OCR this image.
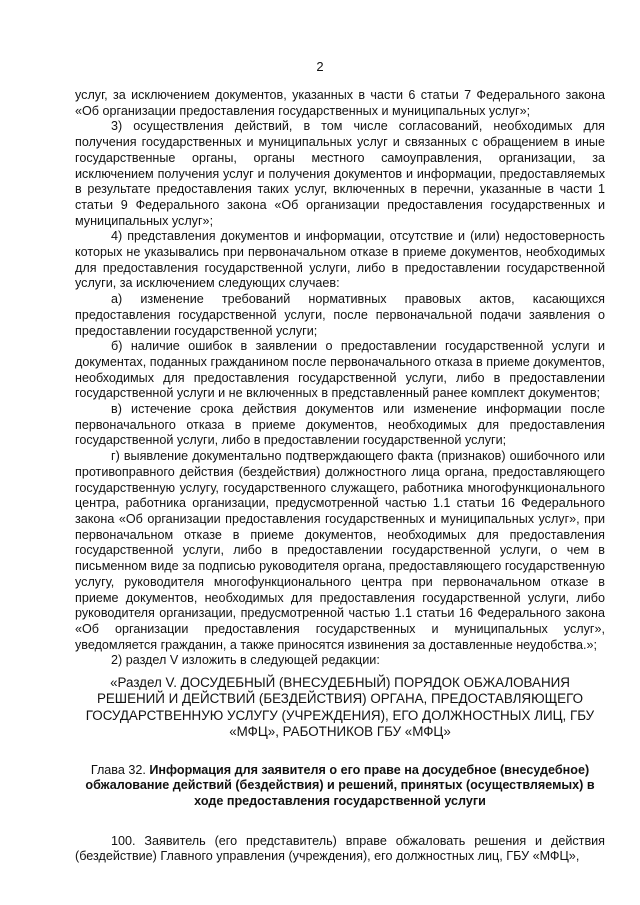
2

услуг, за исключением документов, указанных в части 6 статьи 7 Федерального закона «Об организации предоставления государственных и муниципальных услуг»;

3) осуществления действий, в том числе согласований, необходимых для получения государственных и муниципальных услуг и связанных с обращением в иные государственные органы, органы местного самоуправления, организации, за исключением получения услуг и получения документов и информации, предоставляемых в результате предоставления таких услуг, включенных в перечни, указанные в части 1 статьи 9 Федерального закона «Об организации предоставления государственных и муниципальных услуг»;

4) представления документов и информации, отсутствие и (или) недостоверность которых не указывались при первоначальном отказе в приеме документов, необходимых для предоставления государственной услуги, либо в предоставлении государственной услуги, за исключением следующих случаев:

а) изменение требований нормативных правовых актов, касающихся предоставления государственной услуги, после первоначальной подачи заявления о предоставлении государственной услуги;

б) наличие ошибок в заявлении о предоставлении государственной услуги и документах, поданных гражданином после первоначального отказа в приеме документов, необходимых для предоставления государственной услуги, либо в предоставлении государственной услуги и не включенных в представленный ранее комплект документов;

в) истечение срока действия документов или изменение информации после первоначального отказа в приеме документов, необходимых для предоставления государственной услуги, либо в предоставлении государственной услуги;

г) выявление документально подтверждающего факта (признаков) ошибочного или противоправного действия (бездействия) должностного лица органа, предоставляющего государственную услугу, государственного служащего, работника многофункционального центра, работника организации, предусмотренной частью 1.1 статьи 16 Федерального закона «Об организации предоставления государственных и муниципальных услуг», при первоначальном отказе в приеме документов, необходимых для предоставления государственной услуги, либо в предоставлении государственной услуги, о чем в письменном виде за подписью руководителя органа, предоставляющего государственную услугу, руководителя многофункционального центра при первоначальном отказе в приеме документов, необходимых для предоставления государственной услуги, либо руководителя организации, предусмотренной частью 1.1 статьи 16 Федерального закона «Об организации предоставления государственных и муниципальных услуг», уведомляется гражданин, а также приносятся извинения за доставленные неудобства.»;

2) раздел V изложить в следующей редакции:

«Раздел V. ДОСУДЕБНЫЙ (ВНЕСУДЕБНЫЙ) ПОРЯДОК ОБЖАЛОВАНИЯ РЕШЕНИЙ И ДЕЙСТВИЙ (БЕЗДЕЙСТВИЯ) ОРГАНА, ПРЕДОСТАВЛЯЮЩЕГО ГОСУДАРСТВЕННУЮ УСЛУГУ (УЧРЕЖДЕНИЯ), ЕГО ДОЛЖНОСТНЫХ ЛИЦ, ГБУ «МФЦ», РАБОТНИКОВ ГБУ «МФЦ»

Глава 32. Информация для заявителя о его праве на досудебное (внесудебное) обжалование действий (бездействия) и решений, принятых (осуществляемых) в ходе предоставления государственной услуги

100. Заявитель (его представитель) вправе обжаловать решения и действия (бездействие) Главного управления (учреждения), его должностных лиц, ГБУ «МФЦ»,
